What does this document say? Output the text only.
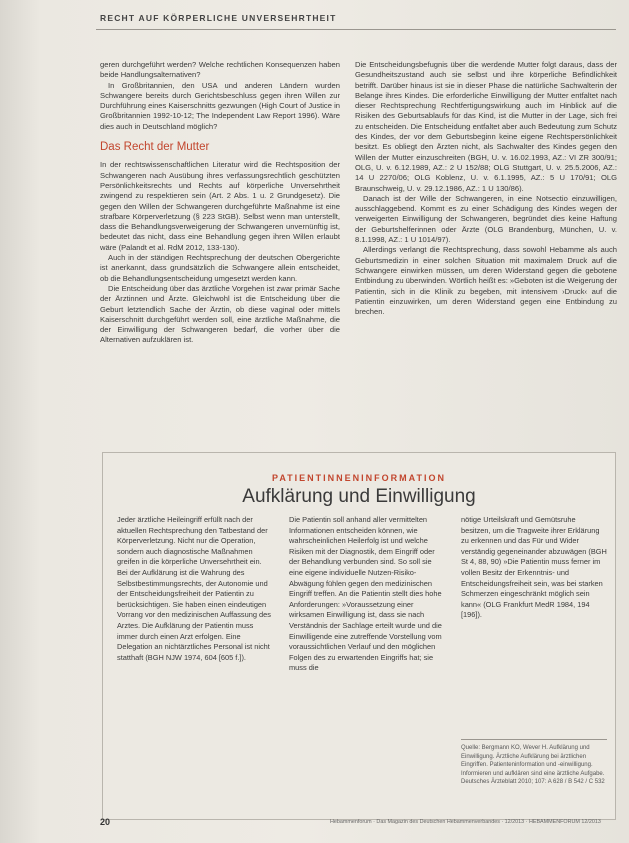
RECHT AUF KÖRPERLICHE UNVERSEHRTHEIT

geren durchgeführt werden? Welche rechtlichen Konsequenzen haben beide Handlungsalternativen?

In Großbritannien, den USA und anderen Ländern wurden Schwangere bereits durch Gerichtsbeschluss gegen ihren Willen zur Durchführung eines Kaiserschnitts gezwungen (High Court of Justice in Großbritannien 1992-10-12; The Independent Law Report 1996). Wäre dies auch in Deutschland möglich?

Das Recht der Mutter

In der rechtswissenschaftlichen Literatur wird die Rechtsposition der Schwangeren nach Ausübung ihres verfassungsrechtlich geschützten Persönlichkeitsrechts und Rechts auf körperliche Unversehrtheit zwingend zu respektieren sein (Art. 2 Abs. 1 u. 2 Grundgesetz). Die gegen den Willen der Schwangeren durchgeführte Maßnahme ist eine strafbare Körperverletzung (§ 223 StGB). Selbst wenn man unterstellt, dass die Behandlungsverweigerung der Schwangeren unvernünftig ist, bedeutet das nicht, dass eine Behandlung gegen ihren Willen erlaubt wäre (Palandt et al. RdM 2012, 133-130).

Auch in der ständigen Rechtsprechung der deutschen Obergerichte ist anerkannt, dass grundsätzlich die Schwangere allein entscheidet, ob die Behandlungsentscheidung umgesetzt werden kann.

Die Entscheidung über das ärztliche Vorgehen ist zwar primär Sache der Ärztinnen und Ärzte. Gleichwohl ist die Entscheidung über die Geburt letztendlich Sache der Ärztin, ob diese vaginal oder mittels Kaiserschnitt durchgeführt werden soll, eine ärztliche Maßnahme, die der Einwilligung der Schwangeren bedarf, die vorher über die Alternativen aufzuklären ist.

Die Entscheidungsbefugnis über die werdende Mutter folgt daraus, dass der Gesundheitszustand auch sie selbst und ihre körperliche Befindlichkeit betrifft. Darüber hinaus ist sie in dieser Phase die natürliche Sachwalterin der Belange ihres Kindes. Die erforderliche Einwilligung der Mutter entfaltet nach dieser Rechtsprechung Rechtfertigungswirkung auch im Hinblick auf die Risiken des Geburtsablaufs für das Kind, ist die Mutter in der Lage, sich frei zu entscheiden. Die Entscheidung entfaltet aber auch Bedeutung zum Schutz des Kindes, der vor dem Geburtsbeginn keine eigene Rechtspersönlichkeit besitzt. Es obliegt den Ärzten nicht, als Sachwalter des Kindes gegen den Willen der Mutter einzuschreiten (BGH, U. v. 16.02.1993, AZ.: VI ZR 300/91; OLG, U. v. 6.12.1989, AZ.: 2 U 152/88; OLG Stuttgart, U. v. 25.5.2006, AZ.: 14 U 2270/06; OLG Koblenz, U. v. 6.1.1995, AZ.: 5 U 170/91; OLG Braunschweig, U. v. 29.12.1986, AZ.: 1 U 130/86).

Danach ist der Wille der Schwangeren, in eine Notsectio einzuwilligen, ausschlaggebend. Kommt es zu einer Schädigung des Kindes wegen der verweigerten Einwilligung der Schwangeren, begründet dies keine Haftung der Geburtshelferinnen oder Ärzte (OLG Brandenburg, München, U. v. 8.1.1998, AZ.: 1 U 1014/97).

Allerdings verlangt die Rechtsprechung, dass sowohl Hebamme als auch Geburtsmedizin in einer solchen Situation mit maximalem Druck auf die Schwangere einwirken müssen, um deren Widerstand gegen die gebotene Entbindung zu überwinden. Wörtlich heißt es: »Geboten ist die Weigerung der Patientin, sich in die Klinik zu begeben, mit intensivem ›Druck‹ auf die Patientin einzuwirken, um deren Widerstand gegen eine Entbindung zu brechen.

PATIENTINNENINFORMATION
Aufklärung und Einwilligung
Jeder ärztliche Heileingriff erfüllt nach der aktuellen Rechtsprechung den Tatbestand der Körperverletzung. Nicht nur die Operation, sondern auch diagnostische Maßnahmen greifen in die körperliche Unversehrtheit ein. Bei der Aufklärung ist die Wahrung des Selbstbestimmungsrechts, der Autonomie und der Entscheidungsfreiheit der Patientin zu berücksichtigen. Sie haben einen eindeutigen Vorrang vor den medizinischen Auffassung des Arztes. Die Aufklärung der Patientin muss immer durch einen Arzt erfolgen. Eine Delegation an nichtärztliches Personal ist nicht statthaft (BGH NJW 1974, 604 [605 f.]).
Die Patientin soll anhand aller vermittelten Informationen entscheiden können, wie wahrscheinlichen Heilerfolg ist und welche Risiken mit der Diagnostik, dem Eingriff oder der Behandlung verbunden sind. So soll sie eine eigene individuelle Nutzen-Risiko-Abwägung fühlen gegen den medizinischen Eingriff treffen. An die Patientin stellt dies hohe Anforderungen: »Voraussetzung einer wirksamen Einwilligung ist, dass sie nach Verständnis der Sachlage erteilt wurde und die Einwilligende eine zutreffende Vorstellung vom voraussichtlichen Verlauf und den möglichen Folgen des zu erwartenden Eingriffs hat; sie muss die
nötige Urteilskraft und Gemütsruhe besitzen, um die Tragweite ihrer Erklärung zu erkennen und das Für und Wider verständig gegeneinander abzuwägen (BGH St 4, 88, 90) »Die Patientin muss ferner im vollen Besitz der Erkenntnis- und Entscheidungsfreiheit sein, was bei starken Schmerzen eingeschränkt möglich sein kann« (OLG Frankfurt MedR 1984, 194 [196]).
Quelle: Bergmann KO, Wever H. Aufklärung und Einwilligung. Ärztliche Aufklärung bei ärztlichen Eingriffen. Patienteninformation und -einwilligung. Informieren und aufklären sind eine ärztliche Aufgabe. Deutsches Ärzteblatt 2010; 107: A 628 / B 542 / C 532
20	Hebammenforum · Das Magazin des Deutschen Hebammenverbandes · 12/2013 · HEBAMMENFORUM 12/2013
